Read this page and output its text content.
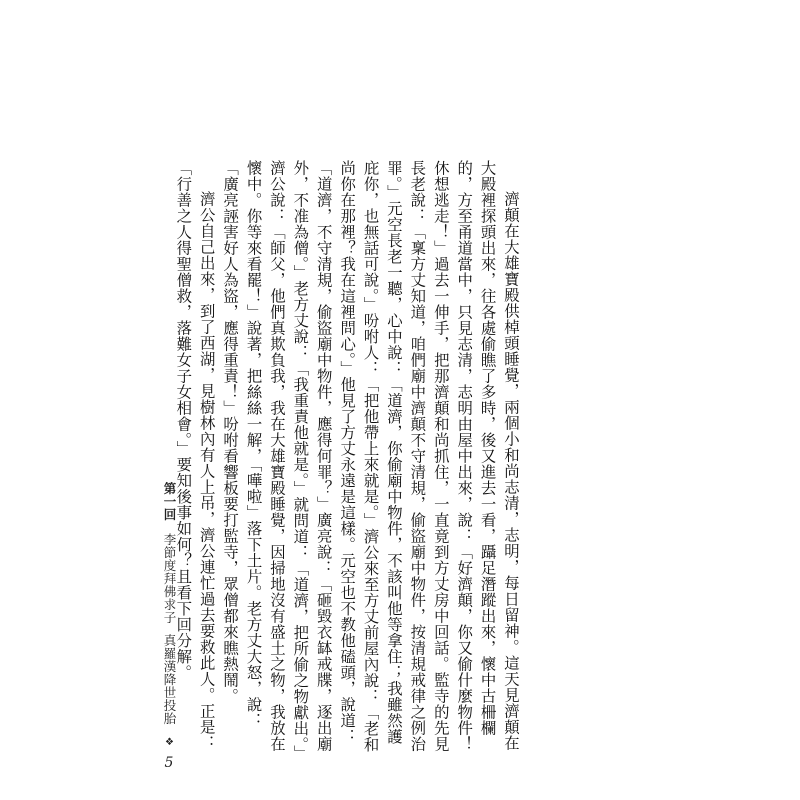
濟顛在大雄寶殿供棹頭睡覺，兩個小和尚志清，志明，每日留神。這天見濟顛在大殿裡探頭出來，往各處偷瞧了多時，後又進去一看，躡足潛蹤出來，懷中古柵欄的，方至甬道當中，只見志清，志明由屋中出來，說：「好濟顛，你又偷什麼物件！休想逃走！」過去一伸手，把那濟顛和尚抓住，一直竟到方丈房中回話。監寺的先見長老說：「稟方丈知道，咱們廟中濟顛不守清規，偷盜廟中物件，按清規戒律之例治罪。」元空長老一聽，心中說：「道濟，你偷廟中物件，不該叫他等拿住；我雖然護庇你，也無話可說。」吩咐人：「把他帶上來就是。」濟公來至方丈前屋內說：「老和尚你在那裡？我在這裡問心。」他見了方丈永遠是這樣。元空也不教他磕頭，說道：「道濟，不守清規，偷盜廟中物件，應得何罪？」廣亮說：「砸毀衣缽戒牒，逐出廟外，不准為僧。」老方丈說：「我重責他就是。」就問道：「道濟，把所偷之物獻出。」濟公說：「師父，他們真欺負我，我在大雄寶殿睡覺，因掃地沒有盛土之物，我放在懷中。你等來看罷！」說著，把絲絲一解，「嘩啦」落下土片。老方丈大怒，說：「廣亮誣害好人為盜，應得重責！」吩咐看響板要打監寺，眾僧都來瞧熱鬧。

濟公自己出來，到了西湖，見樹林內有人上吊，濟公連忙過去要救此人。正是：「行善之人得聖僧救，落難女子女相會。」要知後事如何？且看下回分解。

第一回
李節度拜佛求子
真羅漢降世投胎
❖
5
